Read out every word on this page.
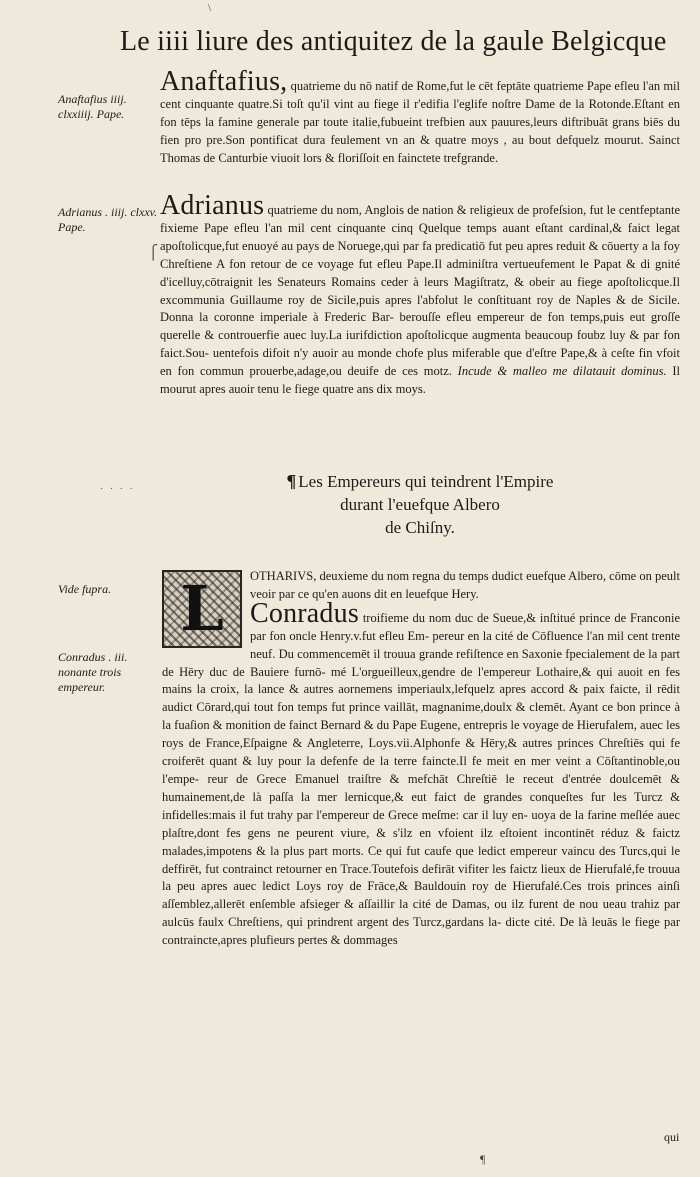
\
Le iiii liure des antiquitez de la gaule Belgicque
Anaftafius iiij. clxxiiij. Pape.
Anaftafius, quatrieme du nō natif de Rome,fut le cēt feptāte quatrieme Pape efleu l'an mil cent cinquante quatre.Si toſt qu'il vint au fiege il r'edifia l'eglife noſtre Dame de la Rotonde.Eſtant en fon tēps la famine generale par toute italie,fubueint trefbien aux pauures,leurs diftribuāt grans biēs du fien pro pre.Son pontificat dura feulement vn an & quatre moys , au bout defquelz mourut. Sainct Thomas de Canturbie viuoit lors & floriſſoit en fainctete trefgrande.
Adrianus . iiij. clxxv. Pape.
⎧
Adrianus quatrieme du nom, Anglois de nation & religieux de profeſsion, fut le centfeptante fixieme Pape efleu l'an mil cent cinquante cinq Quelque temps auant eſtant cardinal,& faict legat apoſtolicque,fut enuoyé au pays de Noruege,qui par fa predicatiō fut peu apres reduit & cōuerty a la foy Chreſtiene A fon retour de ce voyage fut efleu Pape.Il adminiſtra vertueufement le Papat & di gnité d'icelluy,cōtraignit les Senateurs Romains ceder à leurs Magiſtratz, & obeir au fiege apoſtolicque.Il excommunia Guillaume roy de Sicile,puis apres l'abfolut le conſtituant roy de Naples & de Sicile. Donna la coronne imperiale à Frederic Bar- berouſſe efleu empereur de fon temps,puis eut groſſe querelle & controuerfie auec luy.La iurifdiction apoſtolicque augmenta beaucoup foubz luy & par fon faict.Sou- uentefois difoit n'y auoir au monde chofe plus miferable que d'eſtre Pape,& à ceſte fin vfoit en fon commun prouerbe,adage,ou deuife de ces motz. Incude & malleo me dilatauit dominus. Il mourut apres auoir tenu le fiege quatre ans dix moys.
· · · ·	¶ Les Empereurs qui teindrent l'Empire
durant l'euefque Albero
de Chiſny.
Vide fupra.
Conradus . iii. nonante trois empereur.
L	OTHARIVS, deuxieme du nom regna du temps dudict euefque Albero, cōme on peult veoir par ce qu'en auons dit en leuefque Hery.
Conradus troifieme du nom duc de Sueue,& inſtitué prince de Franconie par fon oncle Henry.v.fut efleu Em- pereur en la cité de Cōfluence l'an mil cent trente neuf. Du commencemēt il trouua grande refiſtence en Saxonie fpecialement de la part de Hēry duc de Bauiere furnō- mé L'orgueilleux,gendre de l'empereur Lothaire,& qui auoit en fes mains la croix, la lance & autres aornemens imperiaulx,lefquelz apres accord & paix faicte, il rēdit audict Cōrard,qui tout fon temps fut prince vaillāt, magnanime,doulx & clemēt. Ayant ce bon prince à la fuaſion & monition de fainct Bernard & du Pape Eugene, entrepris le voyage de Hierufalem, auec les roys de France,Eſpaigne & Angleterre, Loys.vii.Alphonfe & Hēry,& autres princes Chreſtiēs qui fe croiferēt quant & luy pour la defenfe de la terre faincte.Il fe meit en mer veint a Cōſtantinoble,ou l'empe- reur de Grece Emanuel traiſtre & mefchāt Chreſtiē le receut d'entrée doulcemēt & humainement,de là paſſa la mer lernicque,& eut faict de grandes conqueſtes fur les Turcz & infidelles:mais il fut trahy par l'empereur de Grece meſme: car il luy en- uoya de la farine meſlée auec plaſtre,dont fes gens ne peurent viure, & s'ilz en vfoient ilz eſtoient incontinēt réduz & faictz malades,impotens & la plus part morts. Ce qui fut caufe que ledict empereur vaincu des Turcs,qui le deffirēt, fut contrainct retourner en Trace.Toutefois defirāt vifiter les faictz lieux de Hierufalé,fe trouua la peu apres auec ledict Loys roy de Frāce,& Bauldouin roy de Hierufalé.Ces trois princes ainſi aſſemblez,allerēt enſemble afsieger & aſſaillir la cité de Damas, ou ilz furent de nou ueau trahiz par aulcūs faulx Chreſtiens, qui prindrent argent des Turcz,gardans la- dicte cité. De là leuās le fiege par contraincte,apres plufieurs pertes & dommages
qui
¶
